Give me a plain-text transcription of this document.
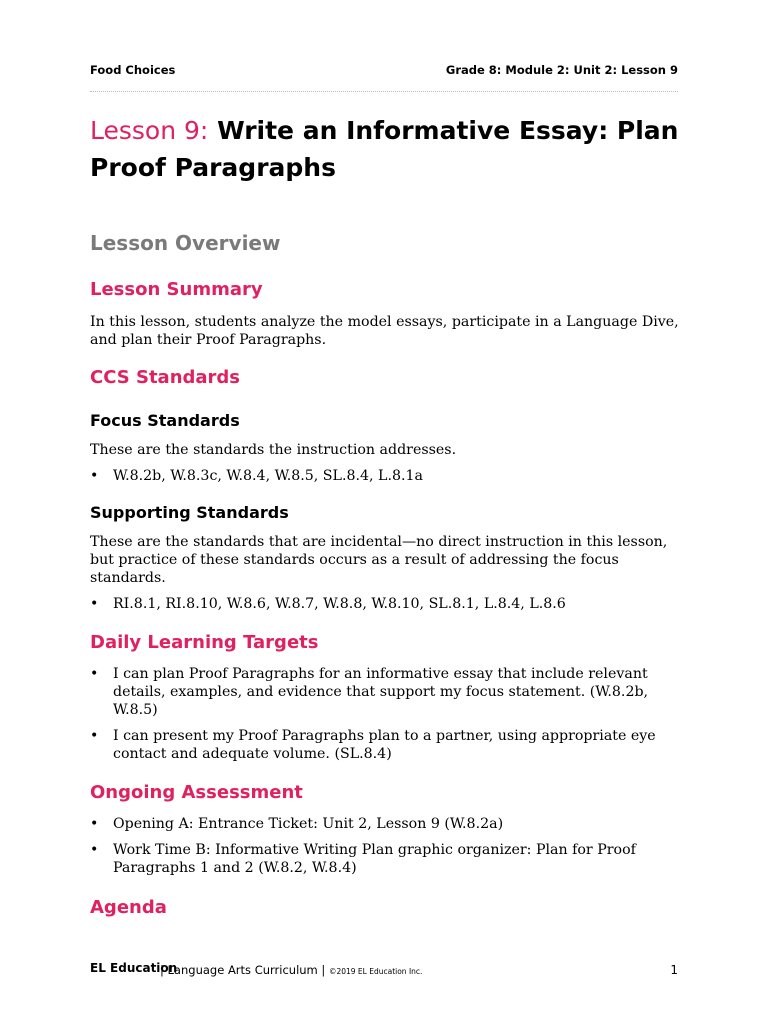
Food Choices	Grade 8: Module 2: Unit 2: Lesson 9
Lesson 9: Write an Informative Essay: Plan Proof Paragraphs
Lesson Overview
Lesson Summary

In this lesson, students analyze the model essays, participate in a Language Dive, and plan their Proof Paragraphs.

CCS Standards
Focus Standards

These are the standards the instruction addresses.

• W.8.2b, W.8.3c, W.8.4, W.8.5, SL.8.4, L.8.1a
Supporting Standards

These are the standards that are incidental—no direct instruction in this lesson, but practice of these standards occurs as a result of addressing the focus standards.

• RI.8.1, RI.8.10, W.8.6, W.8.7, W.8.8, W.8.10, SL.8.1, L.8.4, L.8.6
Daily Learning Targets
• I can plan Proof Paragraphs for an informative essay that include relevant details, examples, and evidence that support my focus statement. (W.8.2b, W.8.5)
• I can present my Proof Paragraphs plan to a partner, using appropriate eye contact and adequate volume. (SL.8.4)
Ongoing Assessment
• Opening A: Entrance Ticket: Unit 2, Lesson 9 (W.8.2a)
• Work Time B: Informative Writing Plan graphic organizer: Plan for Proof Paragraphs 1 and 2 (W.8.2, W.8.4)
Agenda
EL Education
| Language Arts Curriculum | ©2019 EL Education Inc.	1
